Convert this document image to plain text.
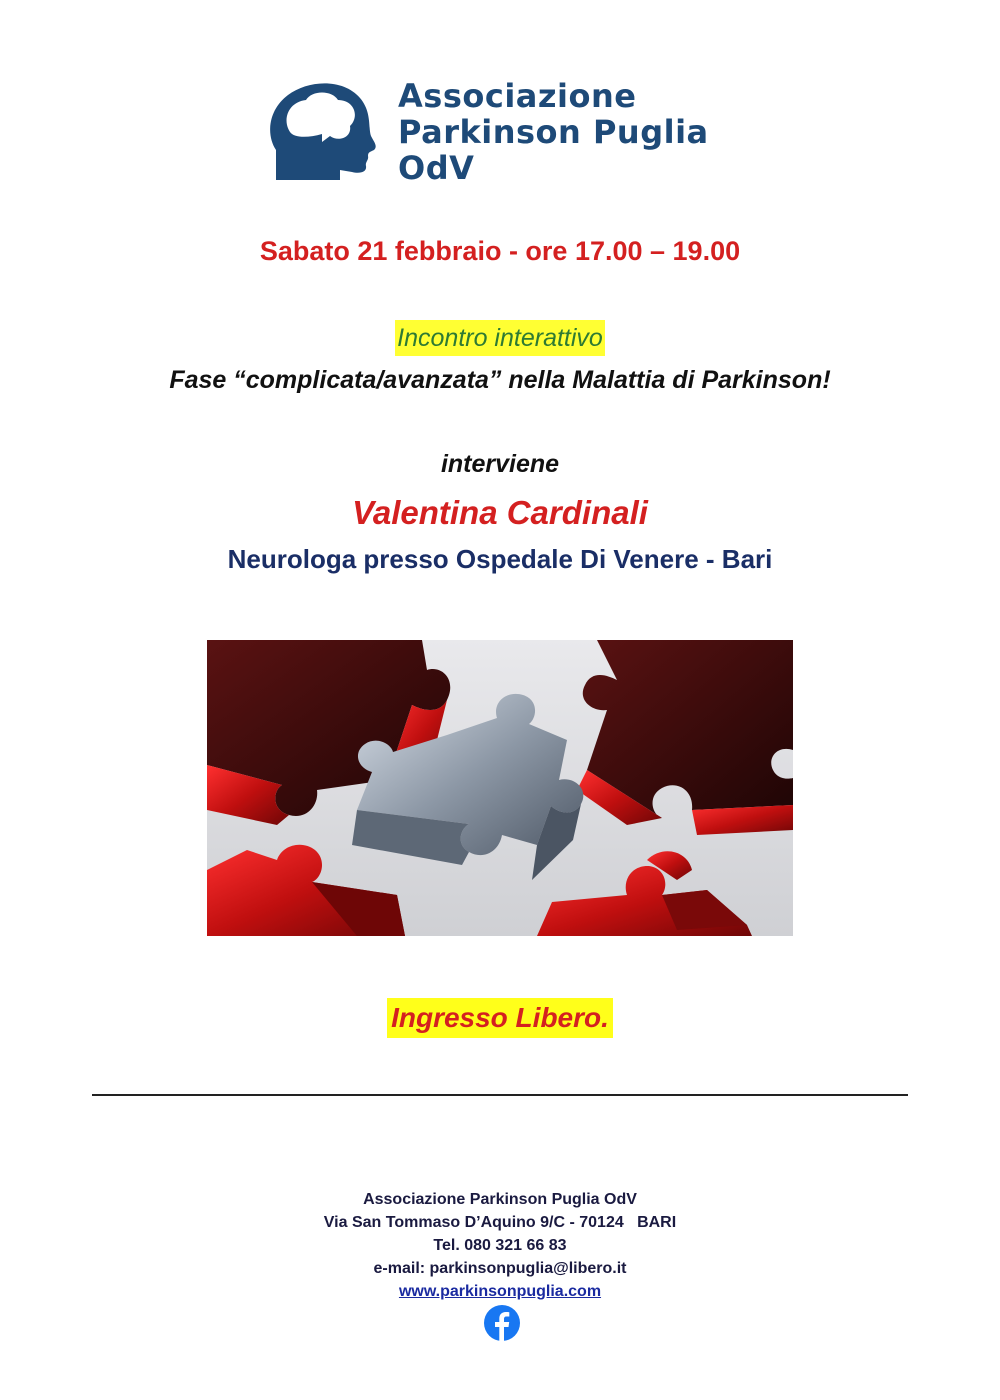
Associazione
Parkinson Puglia
OdV
Sabato 21 febbraio - ore 17.00 – 19.00
Incontro interattivo
Fase “complicata/avanzata” nella Malattia di Parkinson!
interviene
Valentina Cardinali
Neurologa presso Ospedale Di Venere - Bari
Ingresso Libero.
Associazione Parkinson Puglia OdV
Via San Tommaso D’Aquino 9/C - 70124   BARI
Tel. 080 321 66 83
e-mail: parkinsonpuglia@libero.it
www.parkinsonpuglia.com
